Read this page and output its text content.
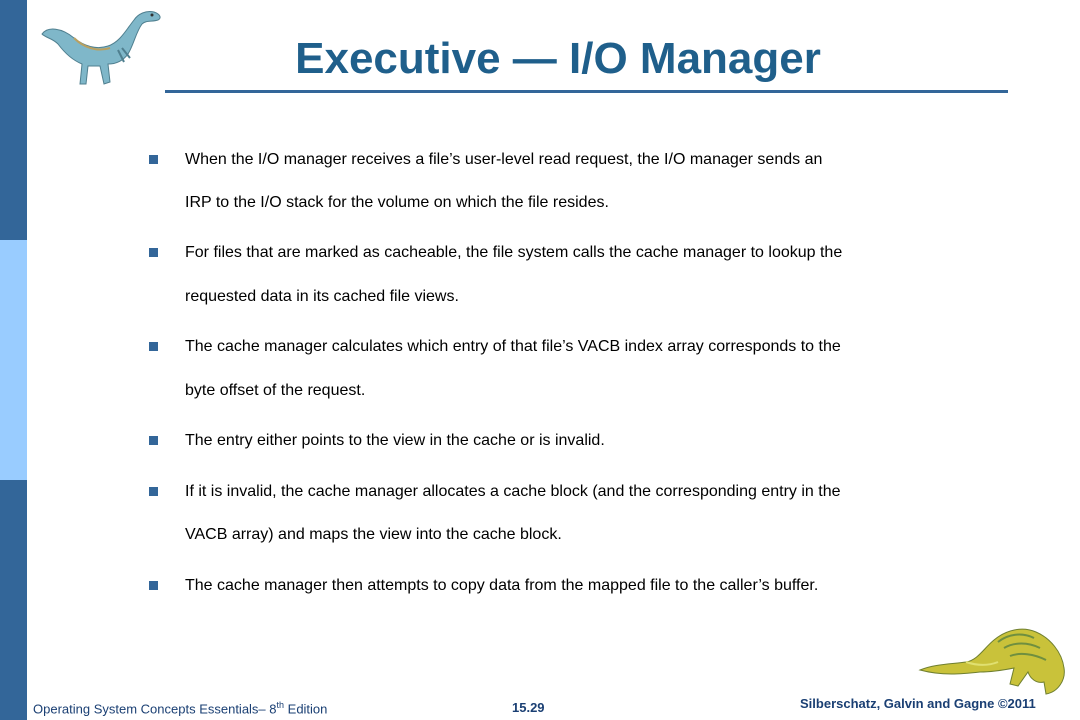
Executive — I/O Manager
When the I/O manager receives a file’s user-level read request, the I/O manager sends an
IRP to the I/O stack for the volume on which the file resides.
For files that are marked as cacheable, the file system calls the cache manager to lookup the
requested data in its cached file views.
The cache manager calculates which entry of that file’s VACB index array corresponds to the
byte offset of the request.
The entry either points to the view in the cache or is invalid.
If it is invalid, the cache manager allocates a cache block (and the corresponding entry in the
VACB array) and maps the view into the cache block.
The cache manager then attempts to copy data from the mapped file to the caller’s buffer.
Operating System Concepts Essentials– 8th Edition	15.29	Silberschatz, Galvin and Gagne ©2011
